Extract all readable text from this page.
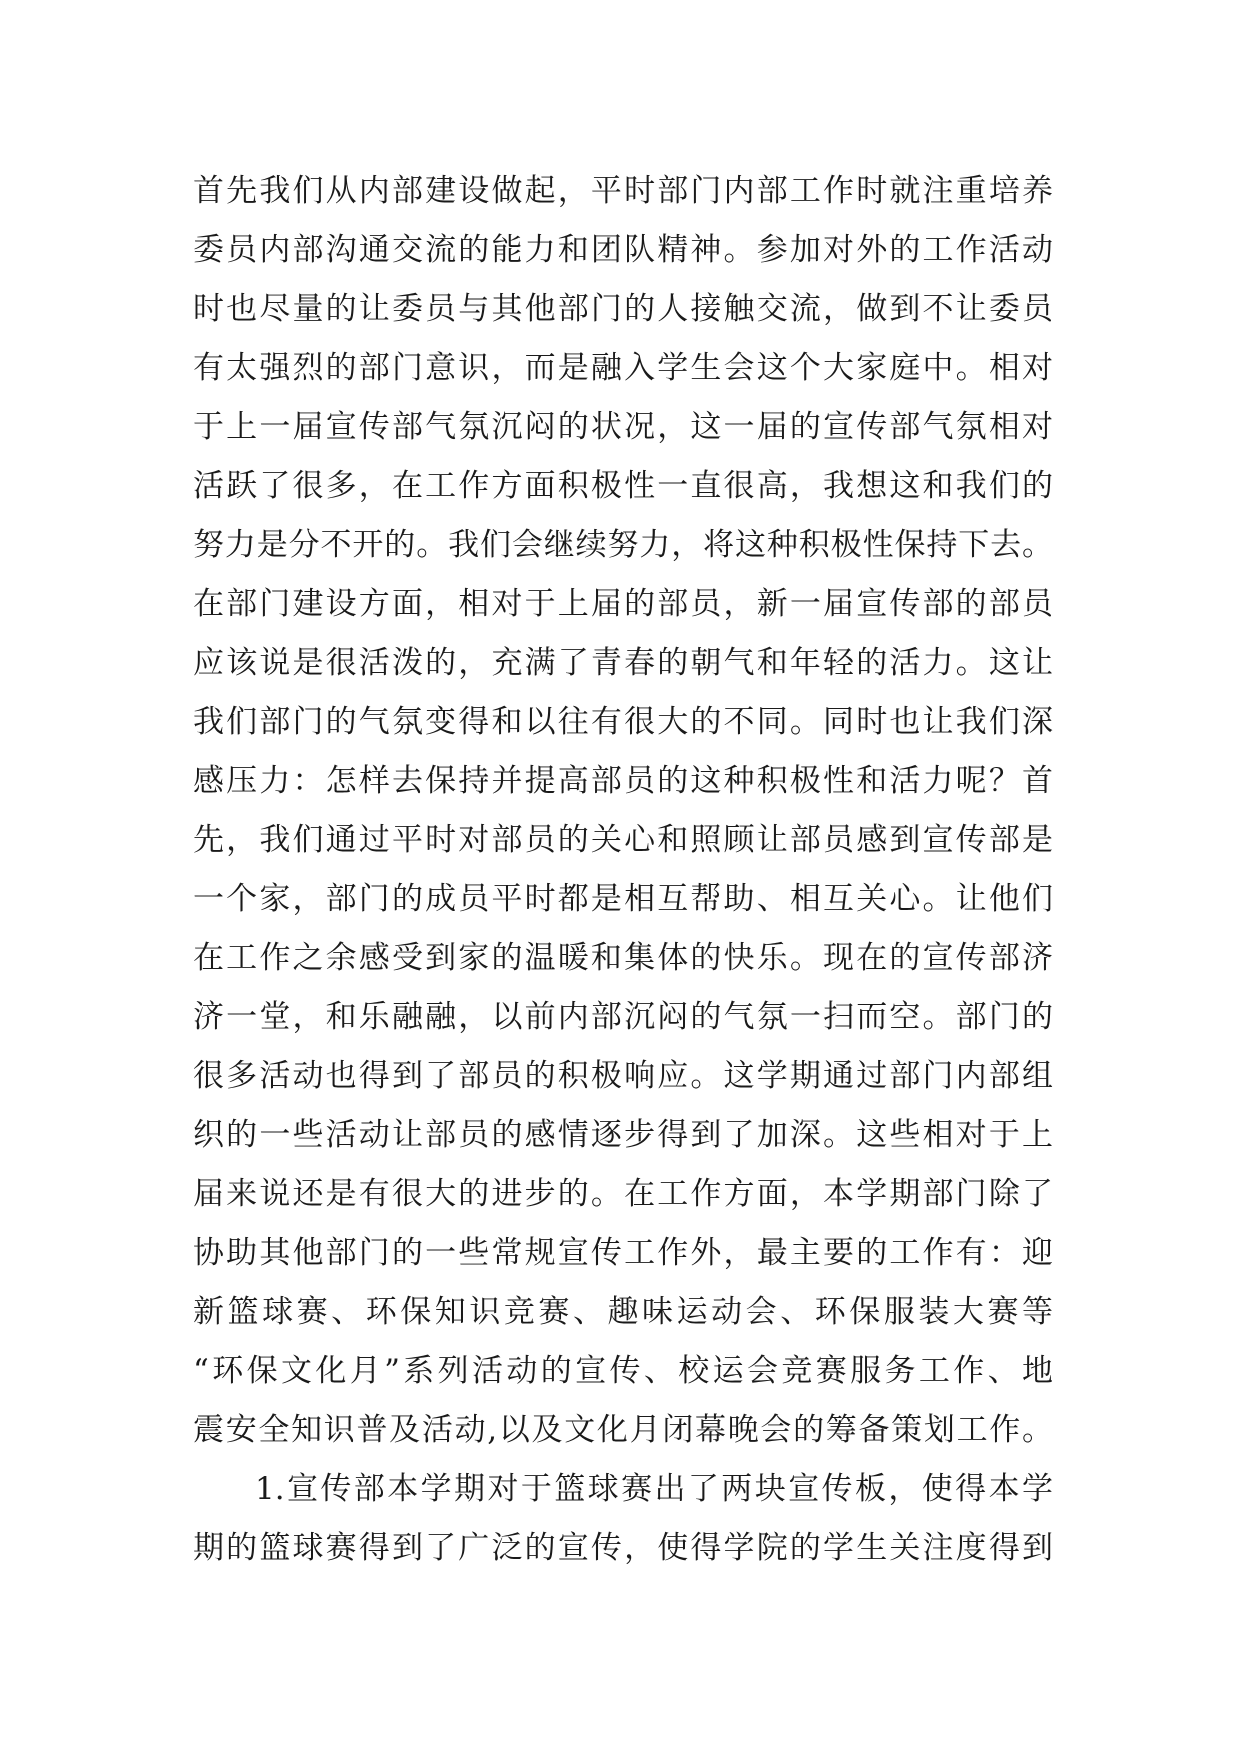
首先我们从内部建设做起，平时部门内部工作时就注重培养
委员内部沟通交流的能力和团队精神。参加对外的工作活动
时也尽量的让委员与其他部门的人接触交流，做到不让委员
有太强烈的部门意识，而是融入学生会这个大家庭中。相对
于上一届宣传部气氛沉闷的状况，这一届的宣传部气氛相对
活跃了很多，在工作方面积极性一直很高，我想这和我们的
努力是分不开的。我们会继续努力，将这种积极性保持下去。
在部门建设方面，相对于上届的部员，新一届宣传部的部员
应该说是很活泼的，充满了青春的朝气和年轻的活力。这让
我们部门的气氛变得和以往有很大的不同。同时也让我们深
感压力：怎样去保持并提高部员的这种积极性和活力呢？首
先，我们通过平时对部员的关心和照顾让部员感到宣传部是
一个家，部门的成员平时都是相互帮助、相互关心。让他们
在工作之余感受到家的温暖和集体的快乐。现在的宣传部济
济一堂，和乐融融，以前内部沉闷的气氛一扫而空。部门的
很多活动也得到了部员的积极响应。这学期通过部门内部组
织的一些活动让部员的感情逐步得到了加深。这些相对于上
届来说还是有很大的进步的。在工作方面，本学期部门除了
协助其他部门的一些常规宣传工作外，最主要的工作有：迎
新篮球赛、环保知识竞赛、趣味运动会、环保服装大赛等
“环保文化月”系列活动的宣传、校运会竞赛服务工作、地
震安全知识普及活动,以及文化月闭幕晚会的筹备策划工作。
1.宣传部本学期对于篮球赛出了两块宣传板，使得本学
期的篮球赛得到了广泛的宣传，使得学院的学生关注度得到
